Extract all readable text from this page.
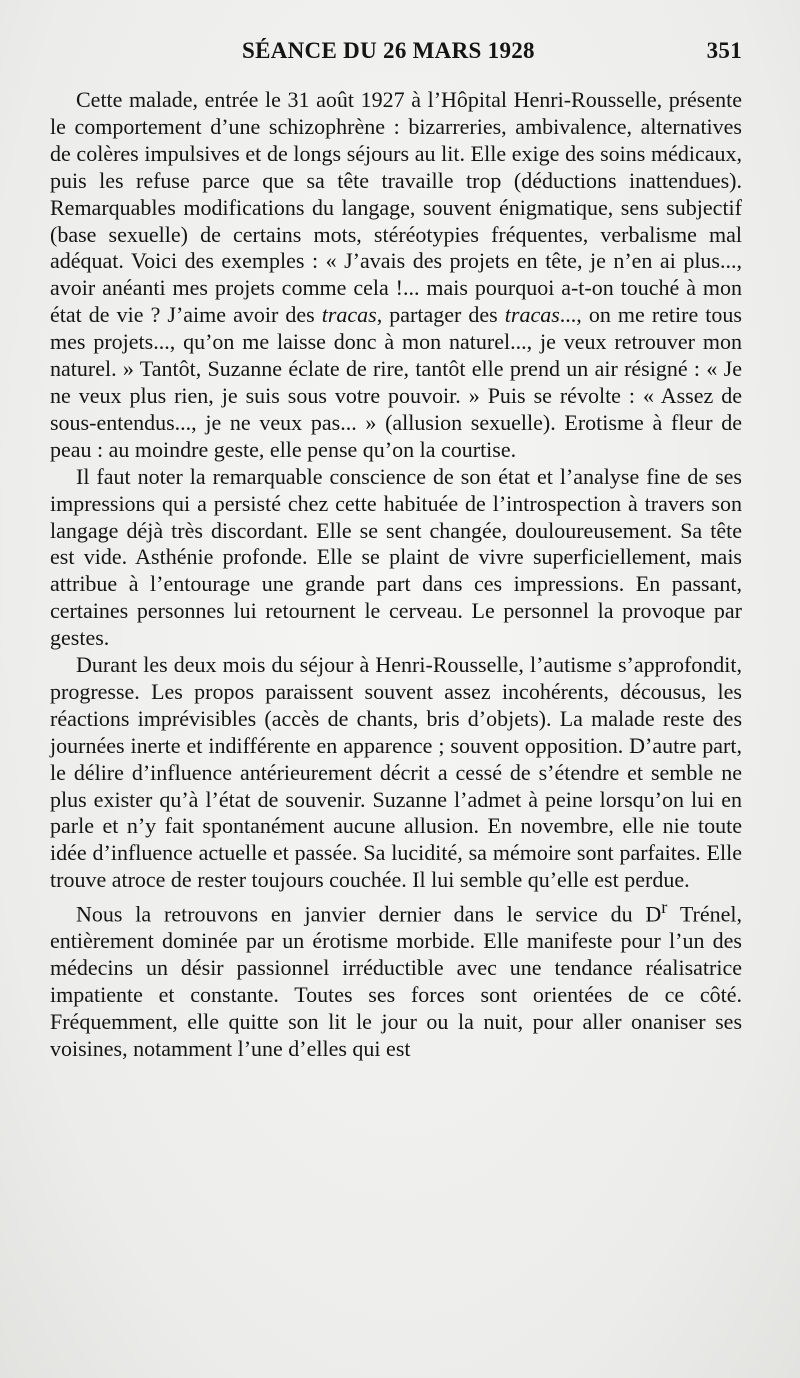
SÉANCE DU 26 MARS 1928	351

Cette malade, entrée le 31 août 1927 à l’Hôpital Henri-Rousselle, présente le comportement d’une schizophrène : bizarreries, ambivalence, alternatives de colères impulsives et de longs séjours au lit. Elle exige des soins médicaux, puis les refuse parce que sa tête travaille trop (déductions inattendues). Remarquables modifications du langage, souvent énigmatique, sens subjectif (base sexuelle) de certains mots, stéréotypies fréquentes, verbalisme mal adéquat. Voici des exemples : « J’avais des projets en tête, je n’en ai plus..., avoir anéanti mes projets comme cela !... mais pourquoi a-t-on touché à mon état de vie ? J’aime avoir des tracas, partager des tracas..., on me retire tous mes projets..., qu’on me laisse donc à mon naturel..., je veux retrouver mon naturel. » Tantôt, Suzanne éclate de rire, tantôt elle prend un air résigné : « Je ne veux plus rien, je suis sous votre pouvoir. » Puis se révolte : « Assez de sous-entendus..., je ne veux pas... » (allusion sexuelle). Erotisme à fleur de peau : au moindre geste, elle pense qu’on la courtise.

Il faut noter la remarquable conscience de son état et l’analyse fine de ses impressions qui a persisté chez cette habituée de l’introspection à travers son langage déjà très discordant. Elle se sent changée, douloureusement. Sa tête est vide. Asthénie profonde. Elle se plaint de vivre superficiellement, mais attribue à l’entourage une grande part dans ces impressions. En passant, certaines personnes lui retournent le cerveau. Le personnel la provoque par gestes.

Durant les deux mois du séjour à Henri-Rousselle, l’autisme s’approfondit, progresse. Les propos paraissent souvent assez incohérents, décousus, les réactions imprévisibles (accès de chants, bris d’objets). La malade reste des journées inerte et indifférente en apparence ; souvent opposition. D’autre part, le délire d’influence antérieurement décrit a cessé de s’étendre et semble ne plus exister qu’à l’état de souvenir. Suzanne l’admet à peine lorsqu’on lui en parle et n’y fait spontanément aucune allusion. En novembre, elle nie toute idée d’influence actuelle et passée. Sa lucidité, sa mémoire sont parfaites. Elle trouve atroce de rester toujours couchée. Il lui semble qu’elle est perdue.

Nous la retrouvons en janvier dernier dans le service du $D^r$ Trénel, entièrement dominée par un érotisme morbide. Elle manifeste pour l’un des médecins un désir passionnel irréductible avec une tendance réalisatrice impatiente et constante. Toutes ses forces sont orientées de ce côté. Fréquemment, elle quitte son lit le jour ou la nuit, pour aller onaniser ses voisines, notamment l’une d’elles qui est
